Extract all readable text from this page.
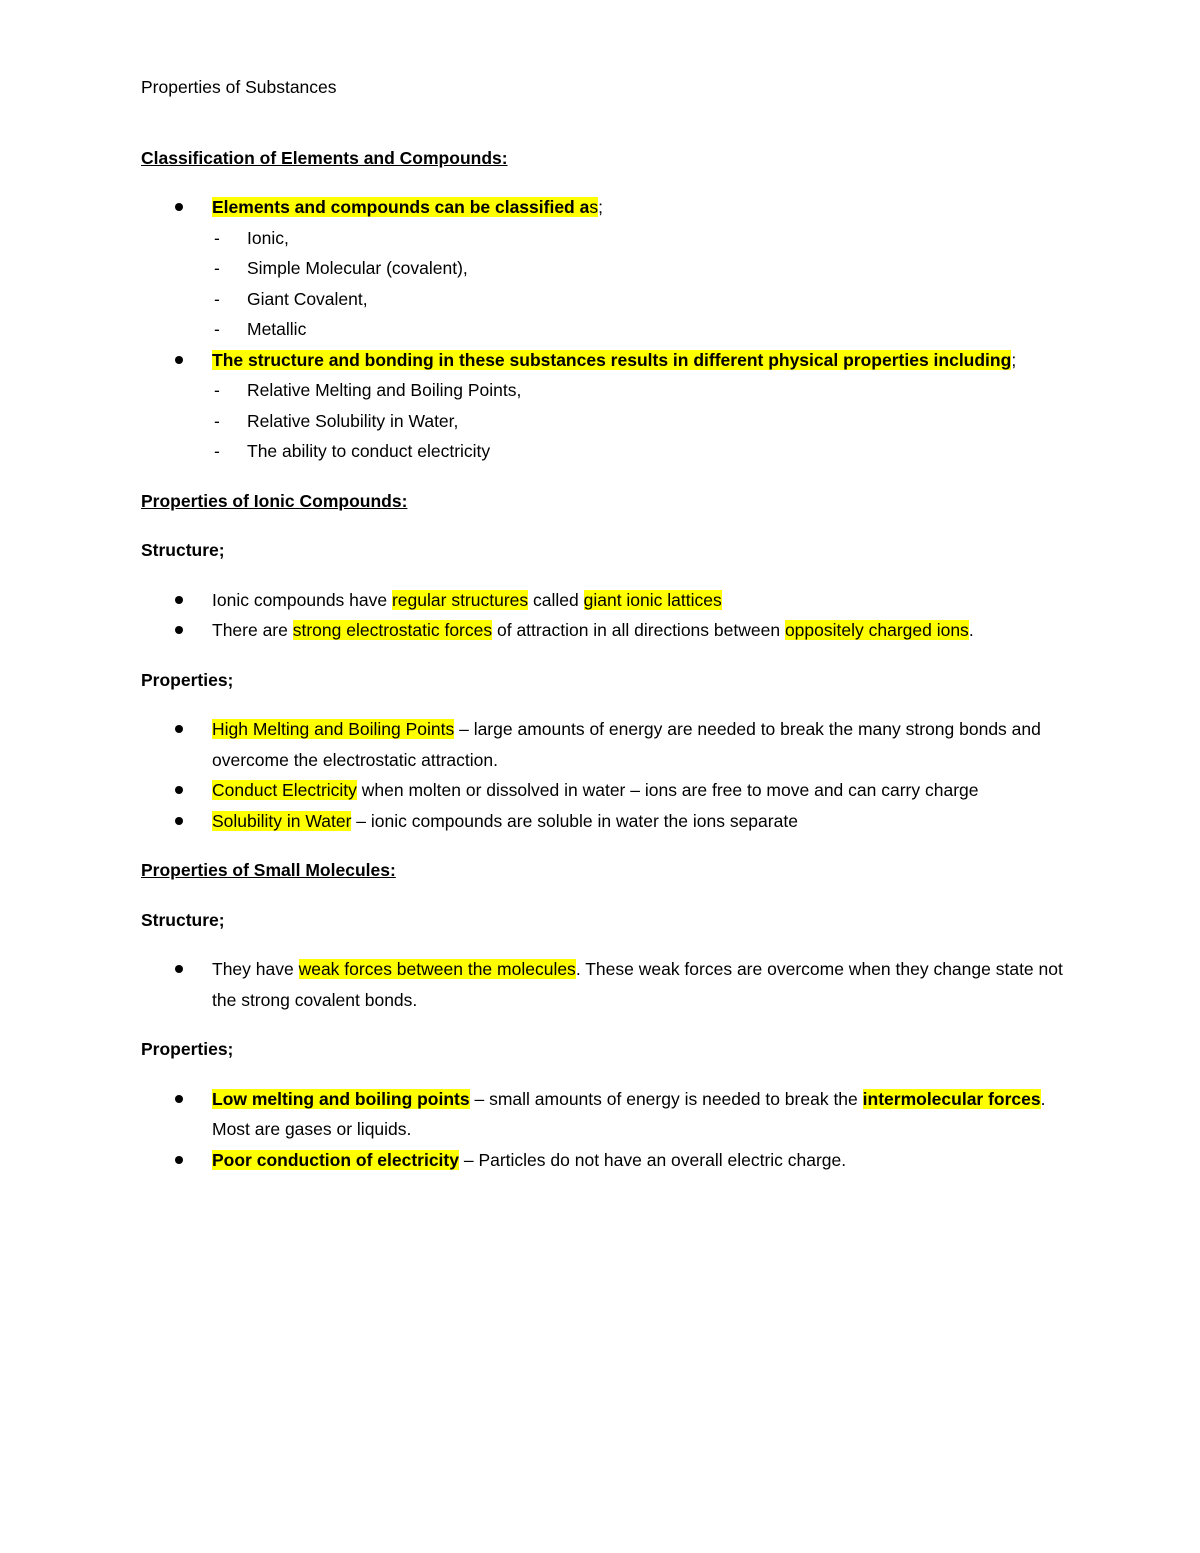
Properties of Substances

Classification of Elements and Compounds:

Elements and compounds can be classified as;
- Ionic,
- Simple Molecular (covalent),
- Giant Covalent,
- Metallic
The structure and bonding in these substances results in different physical properties including;
- Relative Melting and Boiling Points,
- Relative Solubility in Water,
- The ability to conduct electricity

Properties of Ionic Compounds:

Structure;

Ionic compounds have regular structures called giant ionic lattices
There are strong electrostatic forces of attraction in all directions between oppositely charged ions.

Properties;

High Melting and Boiling Points – large amounts of energy are needed to break the many strong bonds and overcome the electrostatic attraction.
Conduct Electricity when molten or dissolved in water – ions are free to move and can carry charge
Solubility in Water – ionic compounds are soluble in water the ions separate

Properties of Small Molecules:

Structure;

They have weak forces between the molecules. These weak forces are overcome when they change state not the strong covalent bonds.

Properties;

Low melting and boiling points – small amounts of energy is needed to break the intermolecular forces. Most are gases or liquids.
Poor conduction of electricity – Particles do not have an overall electric charge.
